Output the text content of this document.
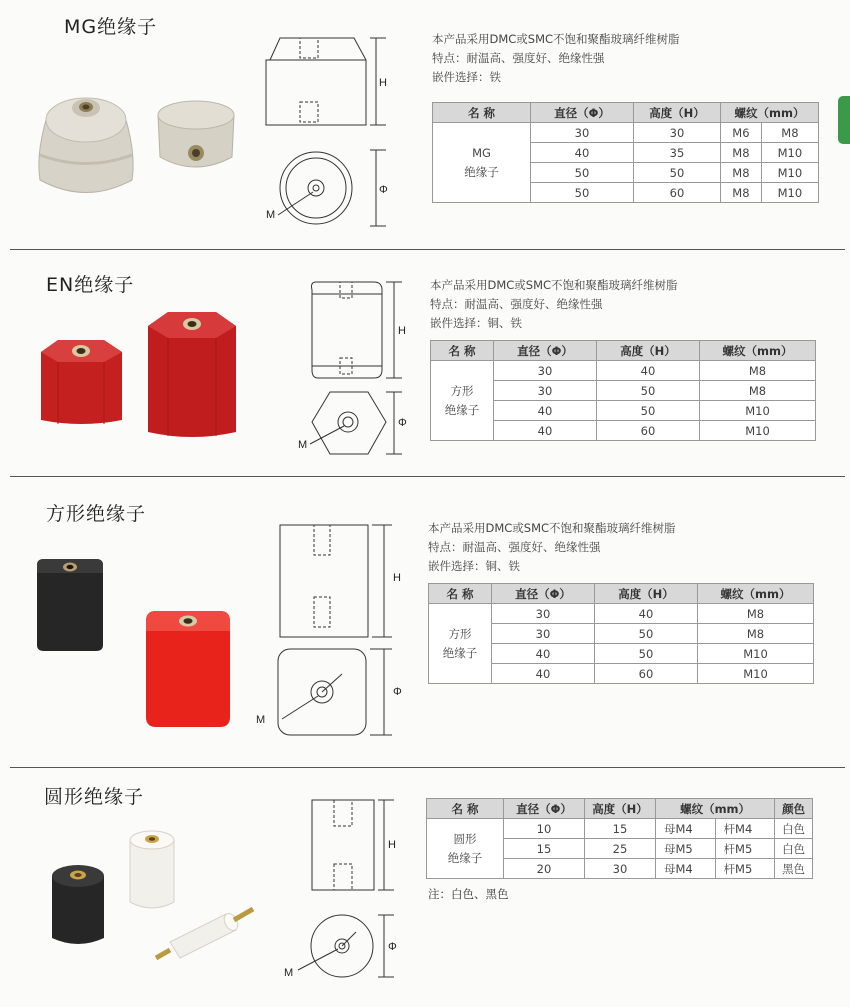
MG绝缘子
H
Φ
M
本产品采用DMC或SMC不饱和聚酯玻璃纤维树脂
特点：耐温高、强度好、绝缘性强
嵌件选择：铁
名 称	直径（Φ）	高度（H）	螺纹（mm）	

MG
绝缘子	30	30	M6	M8
	40	35	M8	M10
	50	50	M8	M10
	50	60	M8	M10
EN绝缘子
H
Φ
M
本产品采用DMC或SMC不饱和聚酯玻璃纤维树脂
特点：耐温高、强度好、绝缘性强
嵌件选择：铜、铁
名 称	直径（Φ）	高度（H）	螺纹（mm）

方形
绝缘子	30	40	M8
	30	50	M8
	40	50	M10
	40	60	M10
方形绝缘子
H
Φ
M
本产品采用DMC或SMC不饱和聚酯玻璃纤维树脂
特点：耐温高、强度好、绝缘性强
嵌件选择：铜、铁
名 称	直径（Φ）	高度（H）	螺纹（mm）

方形
绝缘子	30	40	M8
	30	50	M8
	40	50	M10
	40	60	M10
圆形绝缘子
H
Φ
M
名 称	直径（Φ）	高度（H）	螺纹（mm）		颜色

圆形
绝缘子	10	15	母M4	杆M4	白色
	15	25	母M5	杆M5	白色
	20	30	母M4	杆M5	黑色
注：白色、黑色
